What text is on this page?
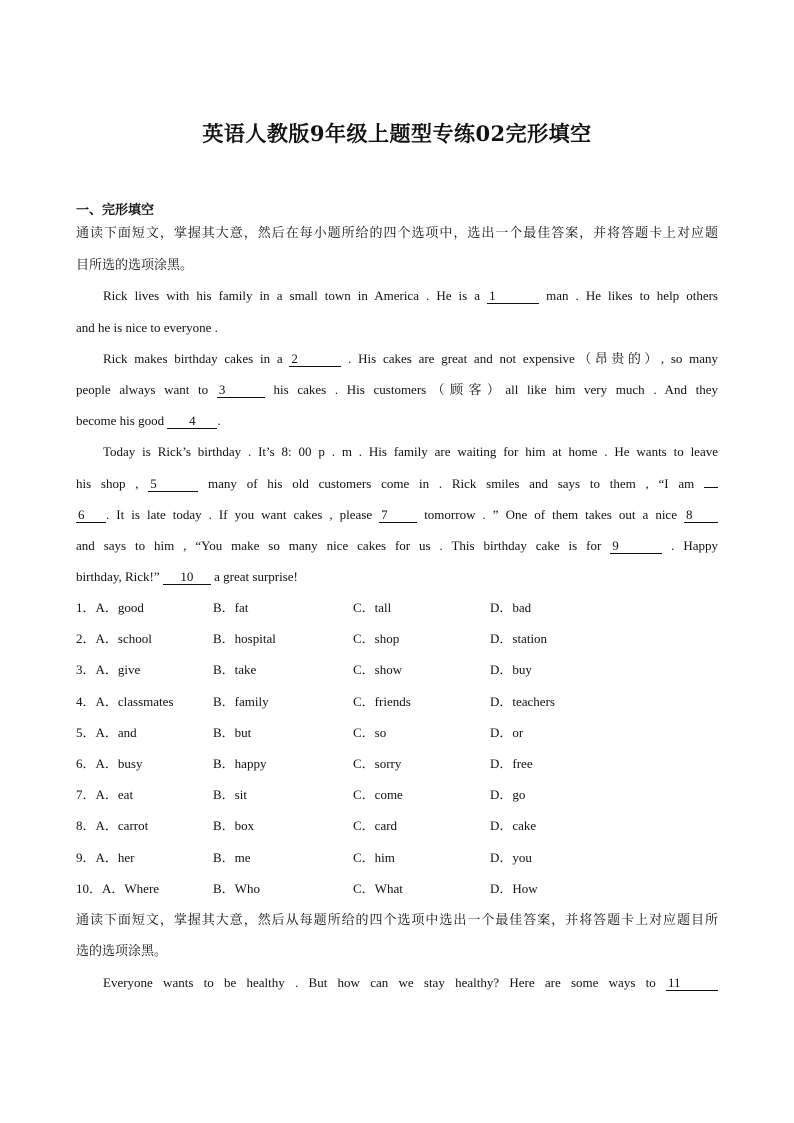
英语人教版9年级上题型专练02完形填空
一、完形填空
通读下面短文，掌握其大意，然后在每小题所给的四个选项中，选出一个最佳答案，并将答题卡上对应题
目所选的选项涂黑。
Rick lives with his family in a small town in America . He is a 1	man . He likes to help others
and he is nice to everyone .
Rick makes birthday cakes in a 2	. His cakes are great and not expensive（昂贵的）, so many
people always want to 3	his cakes . His customers（顾客）all like him very much . And they
become his good 4 .
Today is Rick’s birthday . It’s 8: 00 p . m . His family are waiting for him at home . He wants to leave
his shop , 5	many of his old customers come in . Rick smiles and says to them , “I am
6 . It is late today . If you want cakes , please 7	tomorrow . ” One of them takes out a nice 8
and says to him , “You make so many nice cakes for us . This birthday cake is for 9	. Happy
birthday, Rick!” 10 a great surprise!
1．A．good	B．fat	C．tall	D．bad
2．A．school	B．hospital	C．shop	D．station
3．A．give	B．take	C．show	D．buy
4．A．classmates	B．family	C．friends	D．teachers
5．A．and	B．but	C．so	D．or
6．A．busy	B．happy	C．sorry	D．free
7．A．eat	B．sit	C．come	D．go
8．A．carrot	B．box	C．card	D．cake
9．A．her	B．me	C．him	D．you
10．A．Where	B．Who	C．What	D．How
通读下面短文，掌握其大意，然后从每题所给的四个选项中选出一个最佳答案，并将答题卡上对应题目所
选的选项涂黑。
Everyone wants to be healthy . But how can we stay healthy? Here are some ways to 11
